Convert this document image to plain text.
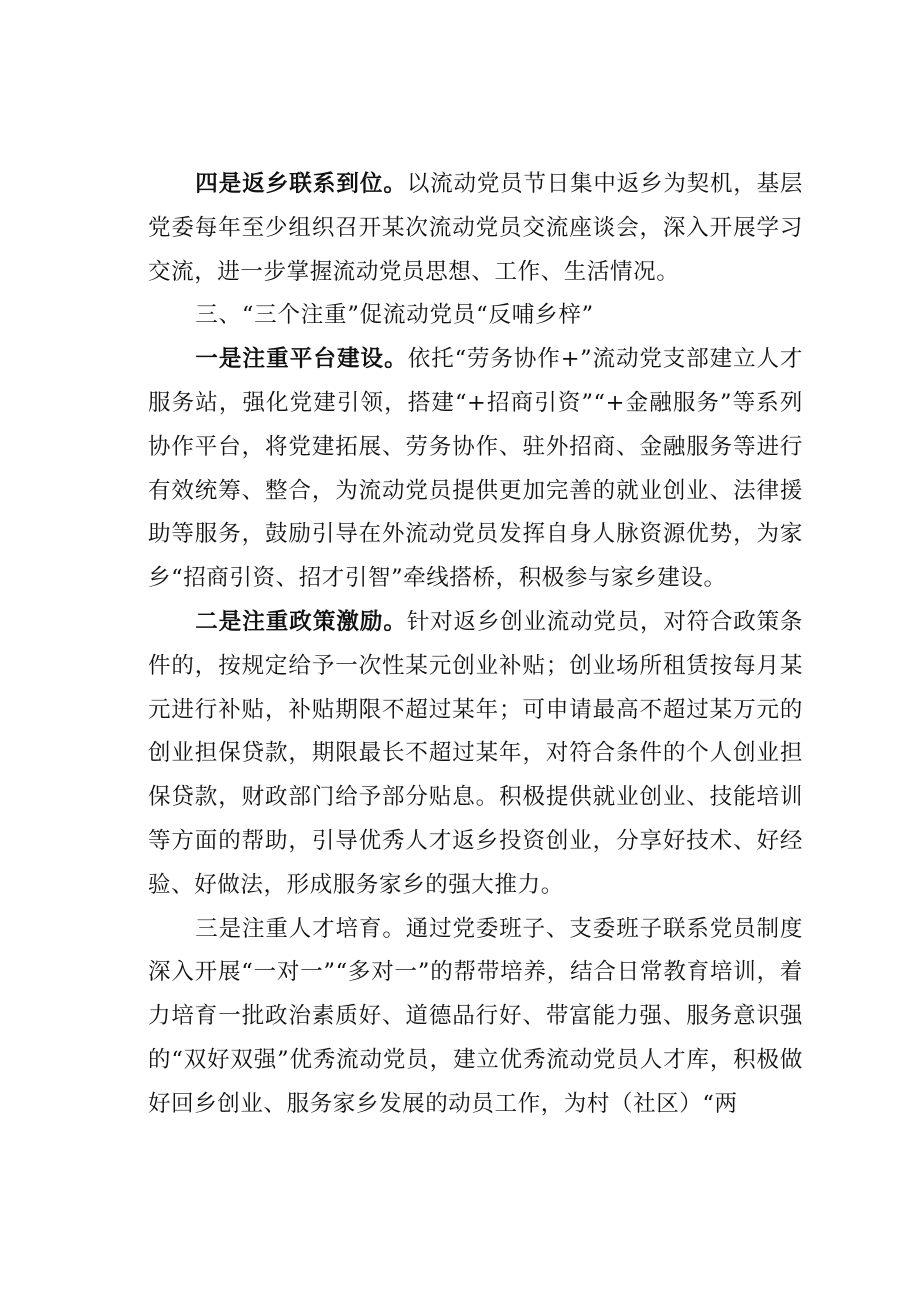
四是返乡联系到位。以流动党员节日集中返乡为契机，基层党委每年至少组织召开某次流动党员交流座谈会，深入开展学习交流，进一步掌握流动党员思想、工作、生活情况。

三、“三个注重”促流动党员“反哺乡梓”

一是注重平台建设。依托“劳务协作+”流动党支部建立人才服务站，强化党建引领，搭建“+招商引资”“+金融服务”等系列协作平台，将党建拓展、劳务协作、驻外招商、金融服务等进行有效统筹、整合，为流动党员提供更加完善的就业创业、法律援助等服务，鼓励引导在外流动党员发挥自身人脉资源优势，为家乡“招商引资、招才引智”牵线搭桥，积极参与家乡建设。

二是注重政策激励。针对返乡创业流动党员，对符合政策条件的，按规定给予一次性某元创业补贴；创业场所租赁按每月某元进行补贴，补贴期限不超过某年；可申请最高不超过某万元的创业担保贷款，期限最长不超过某年，对符合条件的个人创业担保贷款，财政部门给予部分贴息。积极提供就业创业、技能培训等方面的帮助，引导优秀人才返乡投资创业，分享好技术、好经验、好做法，形成服务家乡的强大推力。

三是注重人才培育。通过党委班子、支委班子联系党员制度深入开展“一对一”“多对一”的帮带培养，结合日常教育培训，着力培育一批政治素质好、道德品行好、带富能力强、服务意识强的“双好双强”优秀流动党员，建立优秀流动党员人才库，积极做好回乡创业、服务家乡发展的动员工作，为村（社区）“两
